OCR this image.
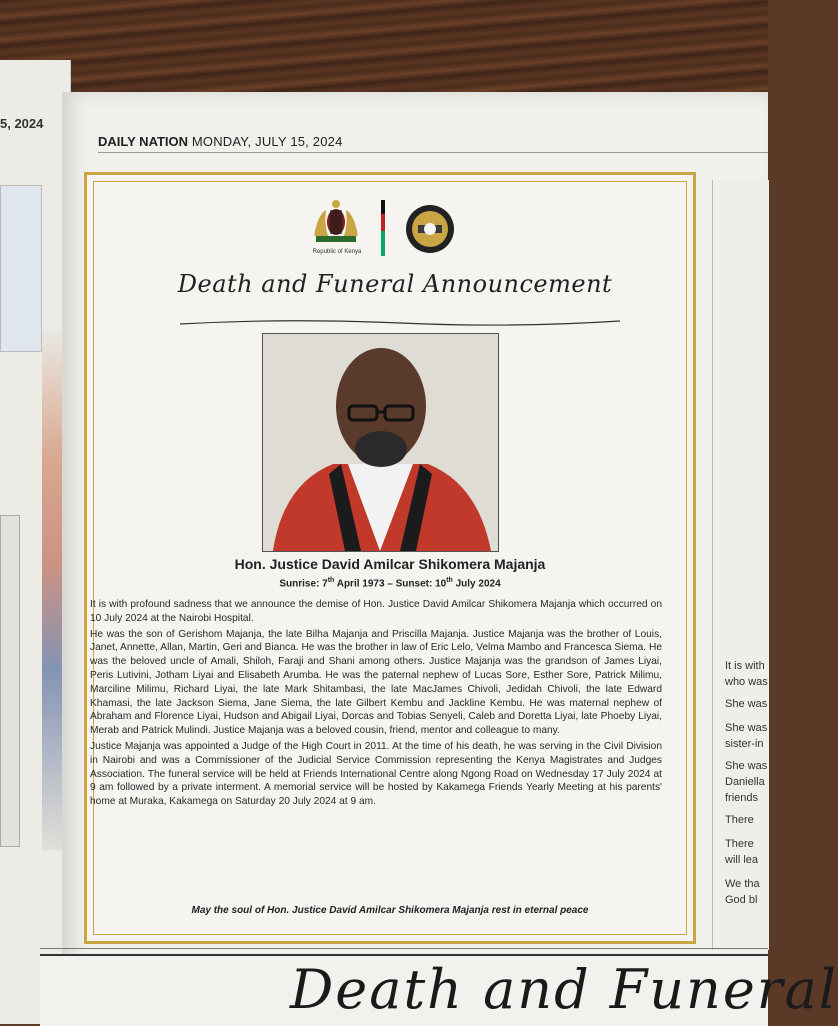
5, 2024
DAILY NATION MONDAY, JULY 15, 2024
Republic of Kenya
Death and Funeral Announcement
Hon. Justice David Amilcar Shikomera Majanja
Sunrise: 7th April 1973 – Sunset: 10th July 2024

It is with profound sadness that we announce the demise of Hon. Justice David Amilcar Shikomera Majanja which occurred on 10 July 2024 at the Nairobi Hospital.

He was the son of Gerishom Majanja, the late Bilha Majanja and Priscilla Majanja. Justice Majanja was the brother of Louis, Janet, Annette, Allan, Martin, Geri and Bianca. He was the brother in law of Eric Lelo, Velma Mambo and Francesca Siema. He was the beloved uncle of Amali, Shiloh, Faraji and Shani among others. Justice Majanja was the grandson of James Liyai, Peris Lutivini, Jotham Liyai and Elisabeth Arumba. He was the paternal nephew of Lucas Sore, Esther Sore, Patrick Milimu, Marciline Milimu, Richard Liyai, the late Mark Shitambasi, the late MacJames Chivoli, Jedidah Chivoli, the late Edward Khamasi, the late Jackson Siema, Jane Siema, the late Gilbert Kembu and Jackline Kembu. He was maternal nephew of Abraham and Florence Liyai, Hudson and Abigail Liyai, Dorcas and Tobias Senyeli, Caleb and Doretta Liyai, late Phoeby Liyai, Merab and Patrick Mulindi. Justice Majanja was a beloved cousin, friend, mentor and colleague to many.

Justice Majanja was appointed a Judge of the High Court in 2011. At the time of his death, he was serving in the Civil Division in Nairobi and was a Commissioner of the Judicial Service Commission representing the Kenya Magistrates and Judges Association. The funeral service will be held at Friends International Centre along Ngong Road on Wednesday 17 July 2024 at 9 am followed by a private interment. A memorial service will be hosted by Kakamega Friends Yearly Meeting at his parents' home at Muraka, Kakamega on Saturday 20 July 2024 at 9 am.

May the soul of Hon. Justice David Amilcar Shikomera Majanja rest in eternal peace
It is with
who was
She was
She was
sister-in
She was
Daniella
friends
There
There
will lea
We tha
God bl
Death and Funeral
